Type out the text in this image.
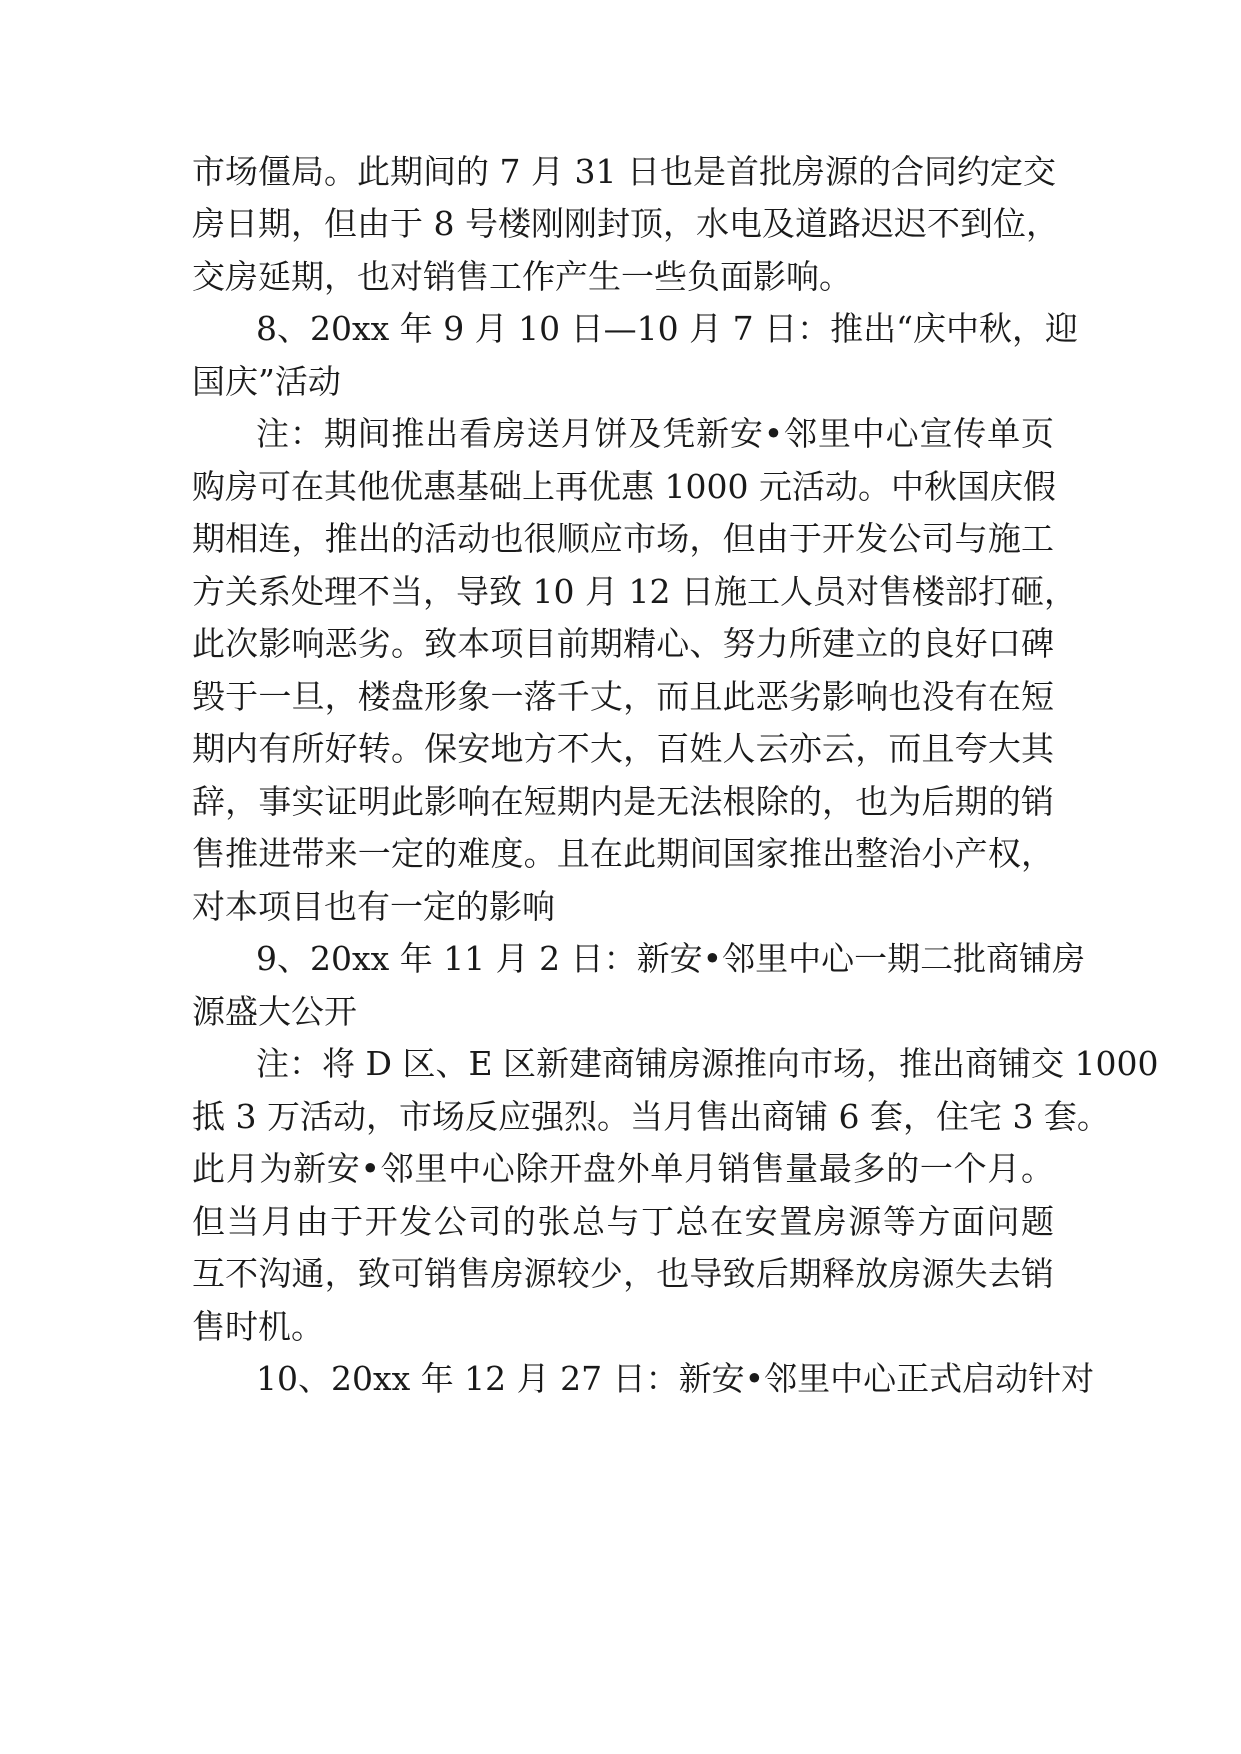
市场僵局。此期间的 7 月 31 日也是首批房源的合同约定交
房日期，但由于 8 号楼刚刚封顶，水电及道路迟迟不到位，
交房延期，也对销售工作产生一些负面影响。
8、20xx 年 9 月 10 日—10 月 7 日：推出“庆中秋，迎
国庆”活动
注：期间推出看房送月饼及凭新安•邻里中心宣传单页
购房可在其他优惠基础上再优惠 1000 元活动。中秋国庆假
期相连，推出的活动也很顺应市场，但由于开发公司与施工
方关系处理不当，导致 10 月 12 日施工人员对售楼部打砸，
此次影响恶劣。致本项目前期精心、努力所建立的良好口碑
毁于一旦，楼盘形象一落千丈，而且此恶劣影响也没有在短
期内有所好转。保安地方不大，百姓人云亦云，而且夸大其
辞，事实证明此影响在短期内是无法根除的，也为后期的销
售推进带来一定的难度。且在此期间国家推出整治小产权，
对本项目也有一定的影响
9、20xx 年 11 月 2 日：新安•邻里中心一期二批商铺房
源盛大公开
注：将 D 区、E 区新建商铺房源推向市场，推出商铺交 1000
抵 3 万活动，市场反应强烈。当月售出商铺 6 套，住宅 3 套。
此月为新安•邻里中心除开盘外单月销售量最多的一个月。
但当月由于开发公司的张总与丁总在安置房源等方面问题
互不沟通，致可销售房源较少，也导致后期释放房源失去销
售时机。
10、20xx 年 12 月 27 日：新安•邻里中心正式启动针对
